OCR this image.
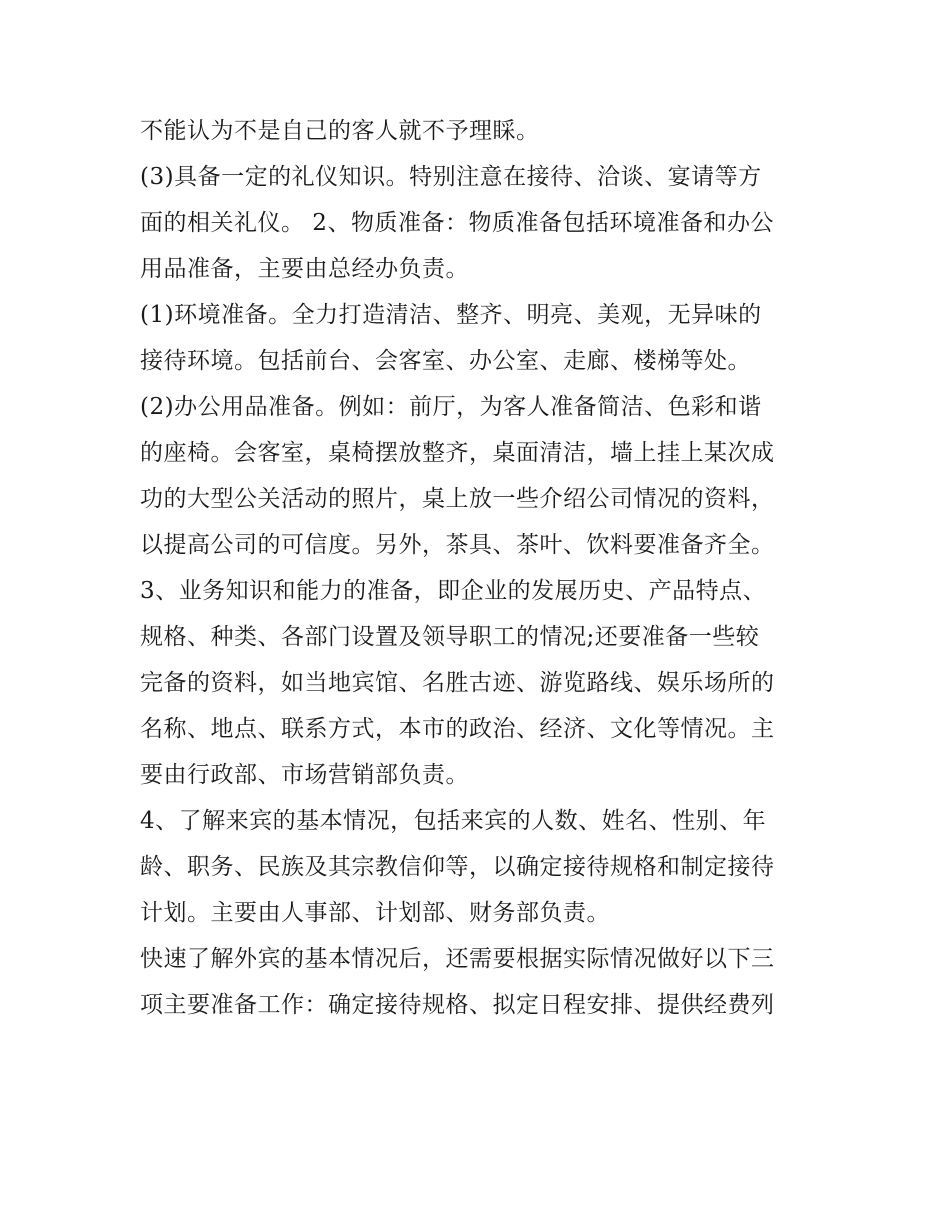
不能认为不是自己的客人就不予理睬。
(3)具备一定的礼仪知识。特别注意在接待、洽谈、宴请等方
面的相关礼仪。 2、物质准备：物质准备包括环境准备和办公
用品准备，主要由总经办负责。
(1)环境准备。全力打造清洁、整齐、明亮、美观，无异味的
接待环境。包括前台、会客室、办公室、走廊、楼梯等处。
(2)办公用品准备。例如：前厅，为客人准备简洁、色彩和谐
的座椅。会客室，桌椅摆放整齐，桌面清洁，墙上挂上某次成
功的大型公关活动的照片，桌上放一些介绍公司情况的资料，
以提高公司的可信度。另外，茶具、茶叶、饮料要准备齐全。
3、业务知识和能力的准备，即企业的发展历史、产品特点、
规格、种类、各部门设置及领导职工的情况;还要准备一些较
完备的资料，如当地宾馆、名胜古迹、游览路线、娱乐场所的
名称、地点、联系方式，本市的政治、经济、文化等情况。主
要由行政部、市场营销部负责。
4、了解来宾的基本情况，包括来宾的人数、姓名、性别、年
龄、职务、民族及其宗教信仰等，以确定接待规格和制定接待
计划。主要由人事部、计划部、财务部负责。
快速了解外宾的基本情况后，还需要根据实际情况做好以下三
项主要准备工作：确定接待规格、拟定日程安排、提供经费列
